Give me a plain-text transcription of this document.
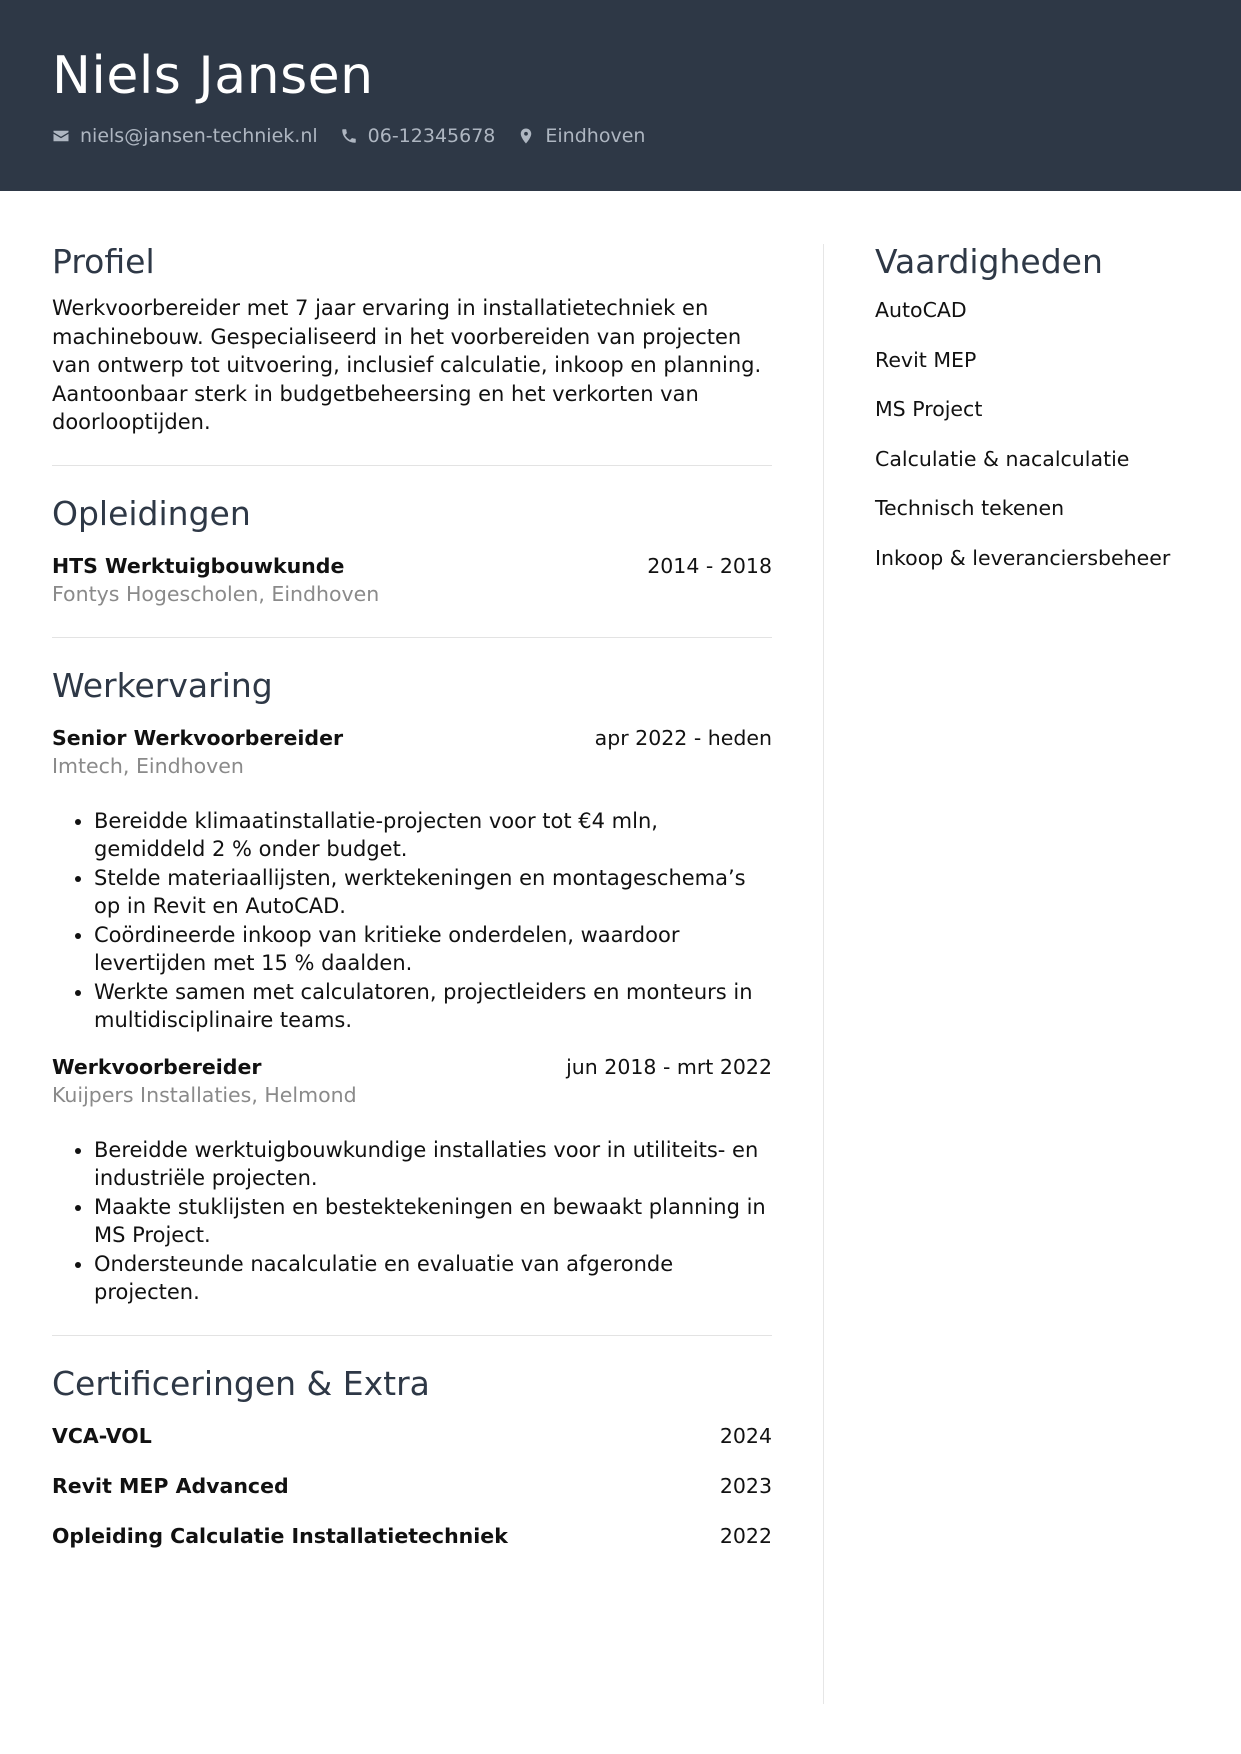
Niels Jansen
niels@jansen-techniek.nl	06-12345678	Eindhoven
Profiel

Werkvoorbereider met 7 jaar ervaring in installatietechniek en machinebouw. Gespecialiseerd in het voorbereiden van projecten van ontwerp tot uitvoering, inclusief calculatie, inkoop en planning. Aantoonbaar sterk in budgetbeheersing en het verkorten van doorlooptijden.

Opleidingen
HTS Werktuigbouwkunde	2014 - 2018
Fontys Hogescholen, Eindhoven
Werkervaring
Senior Werkvoorbereider	apr 2022 - heden
Imtech, Eindhoven
• Bereidde klimaatinstallatie-projecten voor tot €4 mln, gemiddeld 2 % onder budget.
• Stelde materiaallijsten, werktekeningen en montageschema’s op in Revit en AutoCAD.
• Coördineerde inkoop van kritieke onderdelen, waardoor levertijden met 15 % daalden.
• Werkte samen met calculatoren, projectleiders en monteurs in multidisciplinaire teams.
Werkvoorbereider	jun 2018 - mrt 2022
Kuijpers Installaties, Helmond
• Bereidde werktuigbouwkundige installaties voor in utiliteits- en industriële projecten.
• Maakte stuklijsten en bestektekeningen en bewaakt planning in MS Project.
• Ondersteunde nacalculatie en evaluatie van afgeronde projecten.
Certificeringen & Extra
VCA-VOL	2024
Revit MEP Advanced	2023
Opleiding Calculatie Installatietechniek	2022
Vaardigheden
AutoCAD
Revit MEP
MS Project
Calculatie & nacalculatie
Technisch tekenen
Inkoop & leveranciersbeheer
